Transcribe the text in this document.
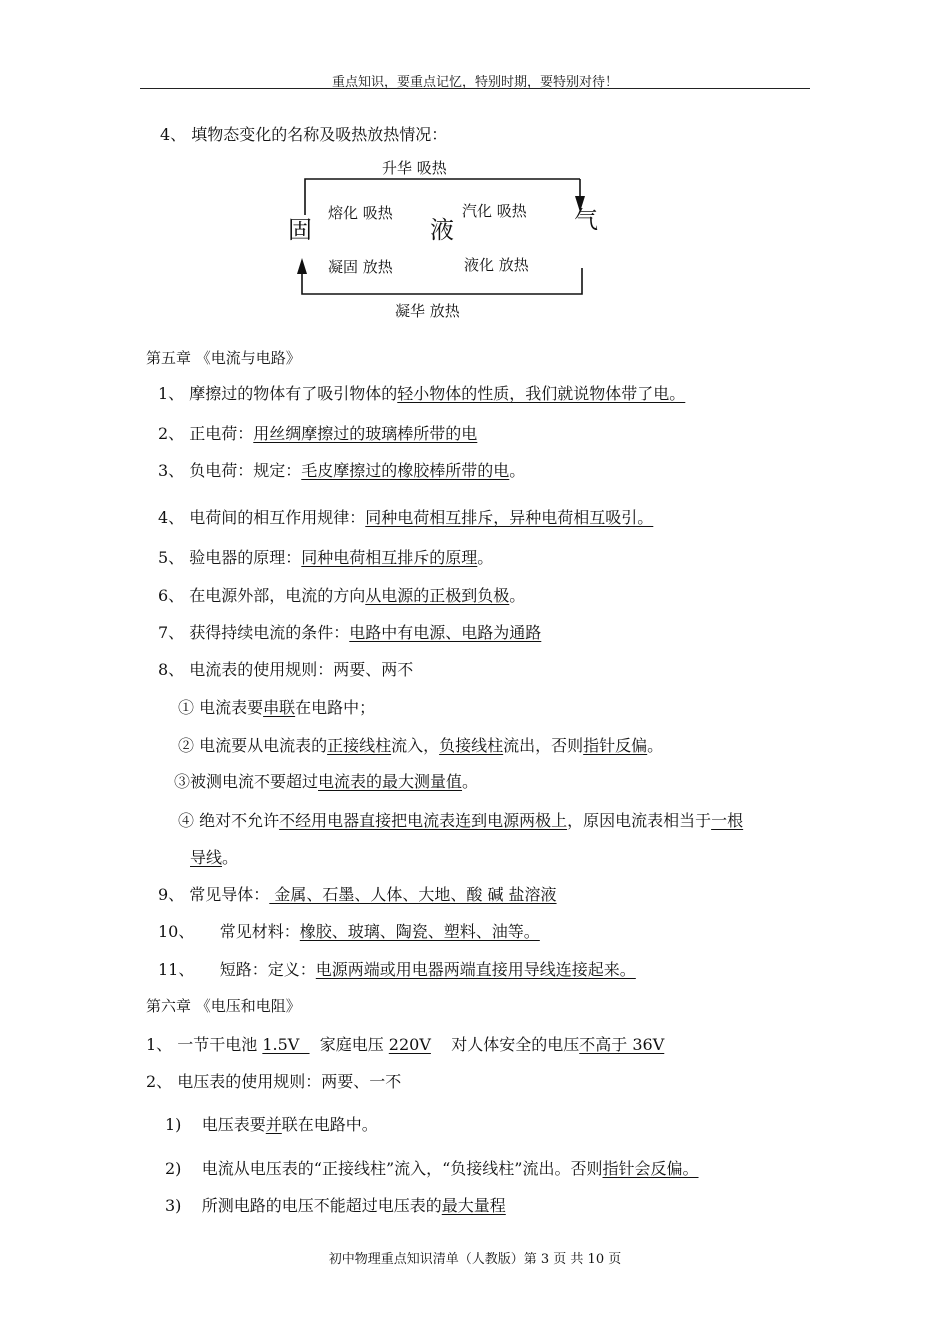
重点知识，要重点记忆，特别时期，要特别对待！
4、 填物态变化的名称及吸热放热情况：
升华 吸热
固	液	气
熔化 吸热	汽化 吸热
凝固 放热	液化 放热
凝华 放热
第五章 《电流与电路》
1、 摩擦过的物体有了吸引物体的轻小物体的性质，我们就说物体带了电。
2、 正电荷：用丝绸摩擦过的玻璃棒所带的电
3、 负电荷：规定：毛皮摩擦过的橡胶棒所带的电。
4、 电荷间的相互作用规律：同种电荷相互排斥，异种电荷相互吸引。
5、 验电器的原理：同种电荷相互排斥的原理。
6、 在电源外部，电流的方向从电源的正极到负极。
7、 获得持续电流的条件：电路中有电源、电路为通路
8、 电流表的使用规则：两要、两不
① 电流表要串联在电路中；
② 电流要从电流表的正接线柱流入，负接线柱流出，否则指针反偏。
③被测电流不要超过电流表的最大测量值。
④ 绝对不允许不经用电器直接把电流表连到电源两极上，原因电流表相当于一根
导线。
9、 常见导体： 金属、石墨、人体、大地、酸 碱 盐溶液
10、     常见材料：橡胶、玻璃、陶瓷、塑料、油等。
11、     短路：定义：电源两端或用电器两端直接用导线连接起来。
第六章 《电压和电阻》
1、 一节干电池 1.5V    家庭电压 220V    对人体安全的电压不高于 36V
2、 电压表的使用规则：两要、一不
1)    电压表要并联在电路中。
2)    电流从电压表的“正接线柱”流入，“负接线柱”流出。否则指针会反偏。
3)    所测电路的电压不能超过电压表的最大量程
初中物理重点知识清单（人教版）第 3 页 共 10 页
